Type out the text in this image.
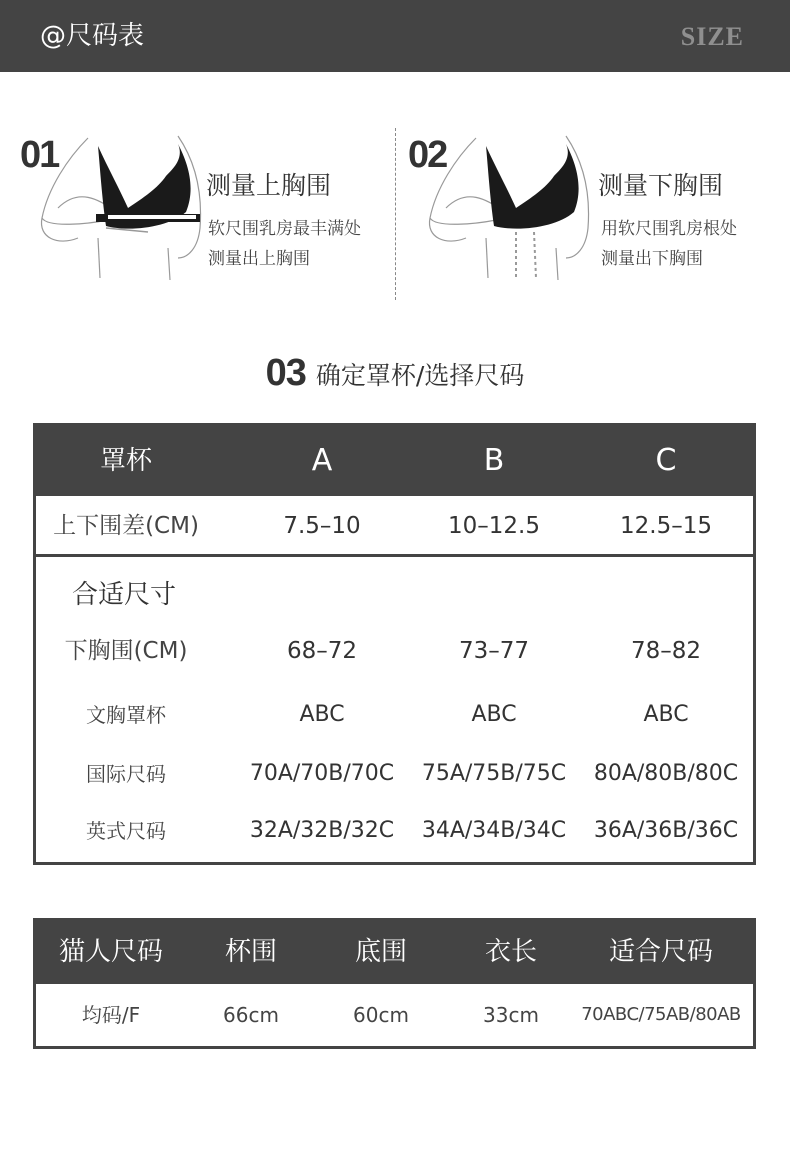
@尺码表	SIZE
01
测量上胸围
软尺围乳房最丰满处
测量出上胸围
02
测量下胸围
用软尺围乳房根处
测量出下胸围
03 确定罩杯/选择尺码
罩杯	A	B	C
上下围差(CM)	7.5–10	10–12.5	12.5–15
合适尺寸
下胸围(CM)	68–72	73–77	78–82
文胸罩杯	ABC	ABC	ABC
国际尺码	70A/70B/70C	75A/75B/75C	80A/80B/80C
英式尺码	32A/32B/32C	34A/34B/34C	36A/36B/36C
猫人尺码	杯围	底围	衣长	适合尺码
均码/F	66cm	60cm	33cm	70ABC/75AB/80AB
